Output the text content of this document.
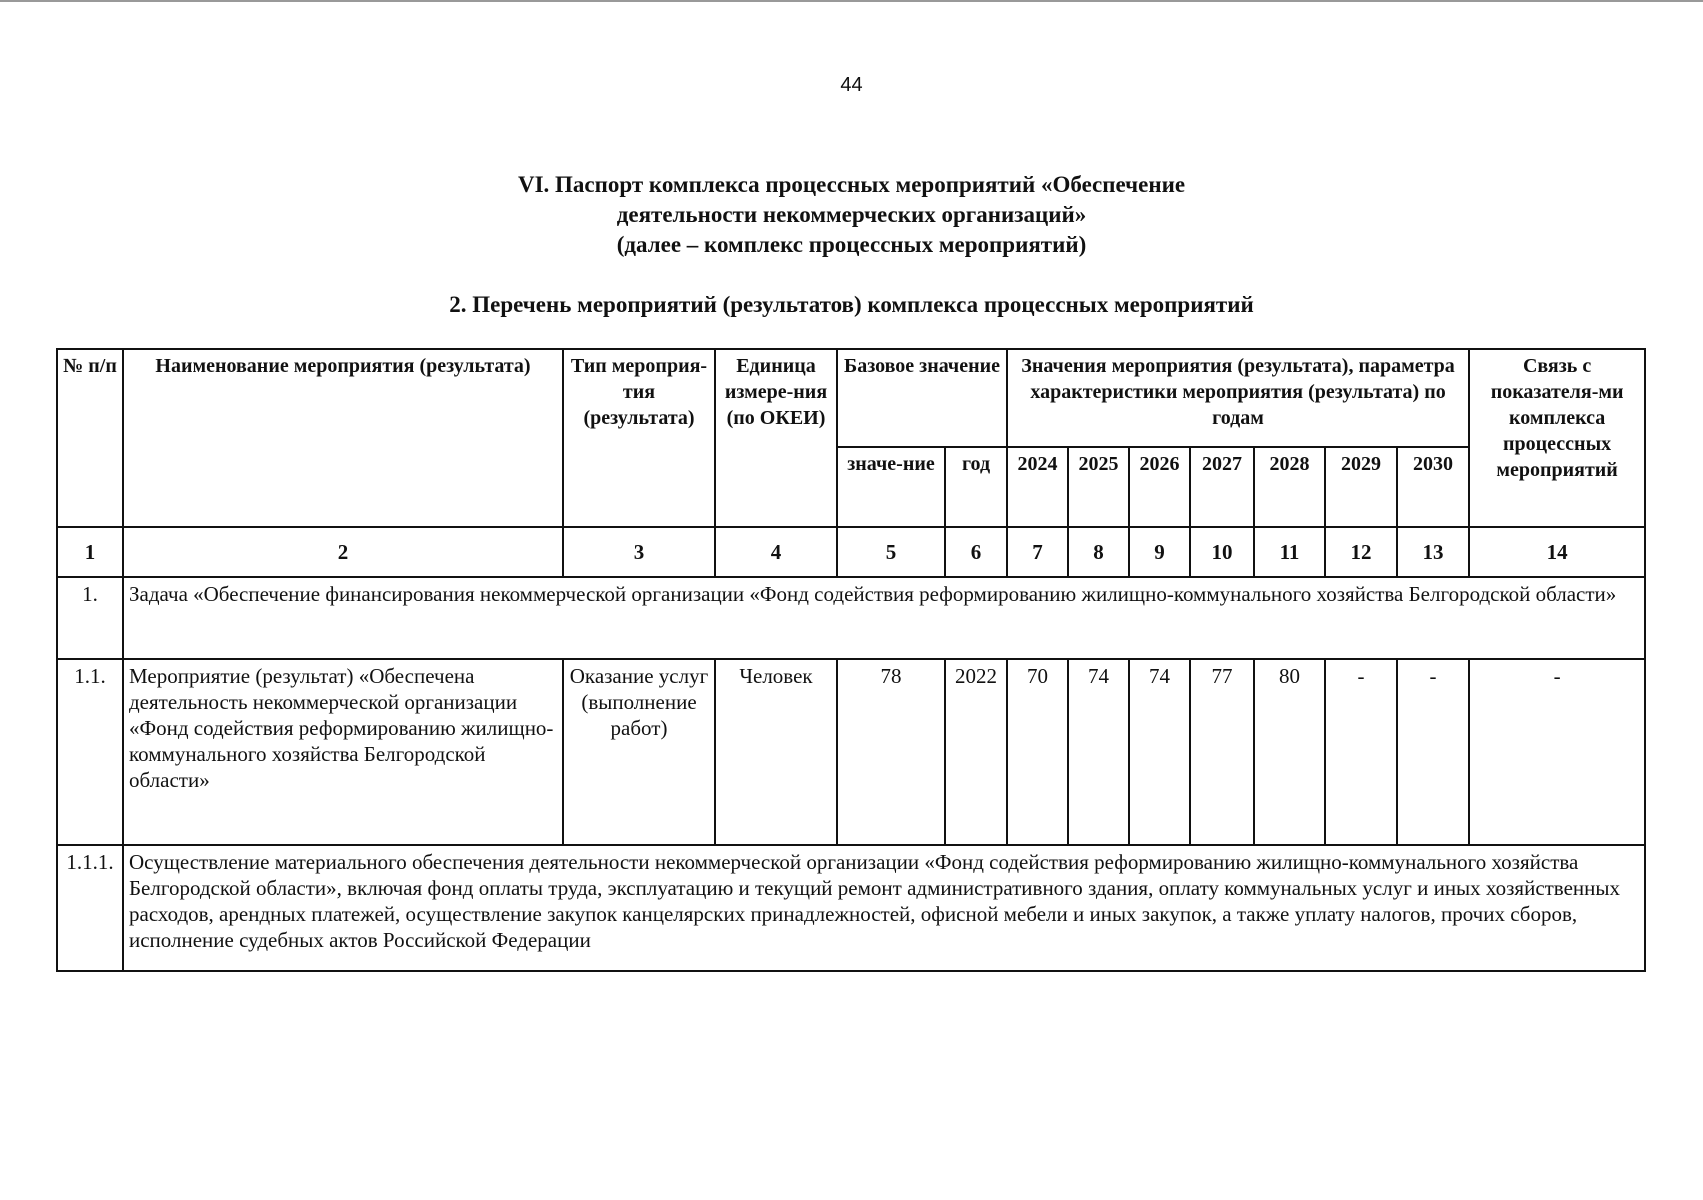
44
VI. Паспорт комплекса процессных мероприятий «Обеспечение
деятельности некоммерческих организаций»
(далее – комплекс процессных мероприятий)
2. Перечень мероприятий (результатов) комплекса процессных мероприятий
№ п/п	Наименование мероприятия (результата)	Тип мероприя-тия (результата)	Единица измере-ния (по ОКЕИ)	Базовое значение		Значения мероприятия (результата), параметра характеристики мероприятия (результата) по годам							Связь с показателя-ми комплекса процессных мероприятий
				значе-ние	год	2024	2025	2026	2027	2028	2029	2030	
1	2	3	4	5	6	7	8	9	10	11	12	13	14
1.	Задача «Обеспечение финансирования некоммерческой организации «Фонд содействия реформированию жилищно-коммунального хозяйства Белгородской области»												
1.1.	Мероприятие (результат) «Обеспечена деятельность некоммерческой организации «Фонд содействия реформированию жилищно-коммунального хозяйства Белгородской области»	Оказание услуг (выполнение работ)	Человек	78	2022	70	74	74	77	80	-	-	-
1.1.1.	Осуществление материального обеспечения деятельности некоммерческой организации «Фонд содействия реформированию жилищно-коммунального хозяйства Белгородской области», включая фонд оплаты труда, эксплуатацию и текущий ремонт административного здания, оплату коммунальных услуг и иных хозяйственных расходов, арендных платежей, осуществление закупок канцелярских принадлежностей, офисной мебели и иных закупок, а также уплату налогов, прочих сборов, исполнение судебных актов Российской Федерации												
